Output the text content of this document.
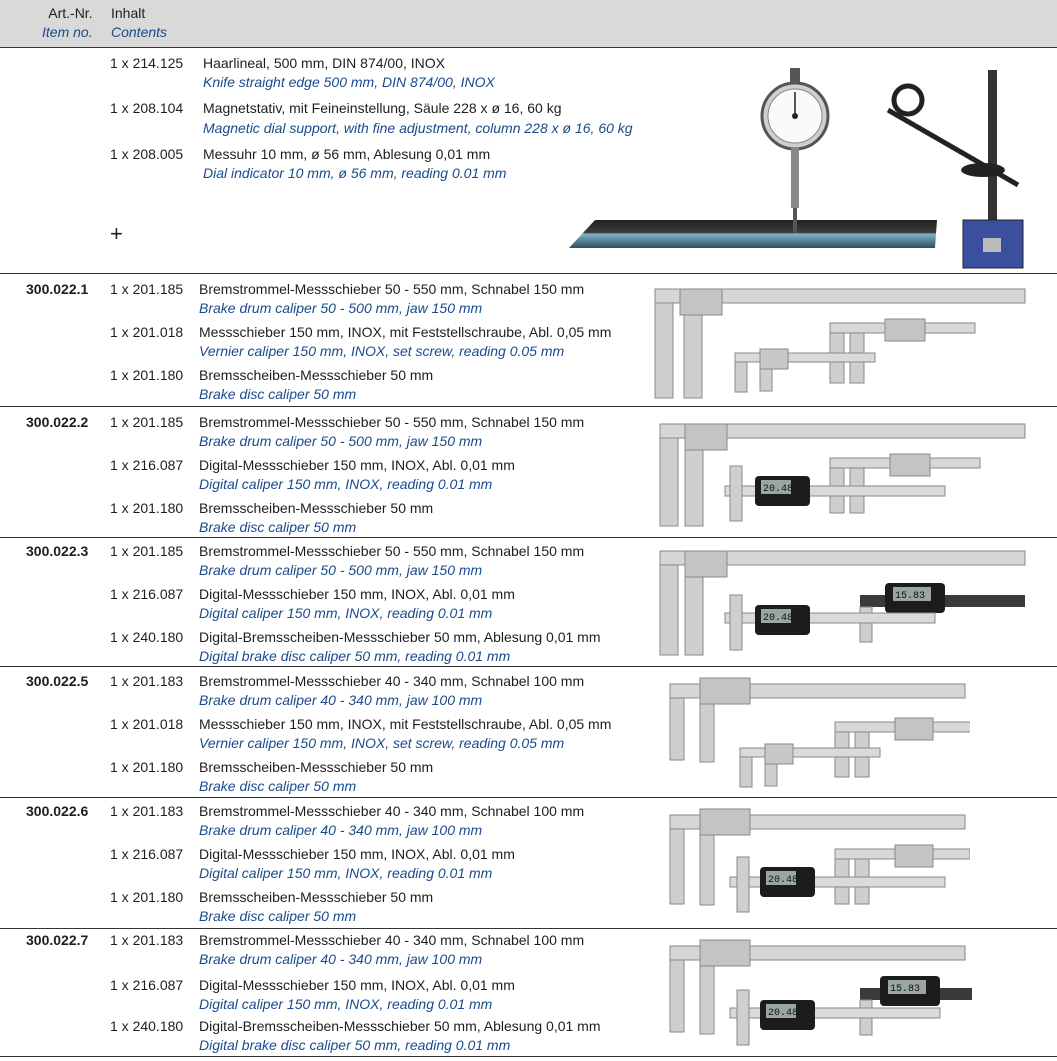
Art.-Nr.
Item no.
Inhalt
Contents
1 x 214.125 Haarlineal, 500 mm, DIN 874/00, INOX
Knife straight edge 500 mm, DIN 874/00, INOX
1 x 208.104 Magnetstativ, mit Feineinstellung, Säule 228 x ø 16, 60 kg
Magnetic dial support, with fine adjustment, column 228 x ø 16, 60 kg
1 x 208.005 Messuhr 10 mm, ø 56 mm, Ablesung 0,01 mm
Dial indicator 10 mm, ø 56 mm, reading 0.01 mm
+
300.022.1 1 x 201.185 Bremstrommel-Messschieber 50 - 550 mm, Schnabel 150 mm
Brake drum caliper 50 - 500 mm, jaw 150 mm
1 x 201.018 Messschieber 150 mm, INOX, mit Feststellschraube, Abl. 0,05 mm
Vernier caliper 150 mm, INOX, set screw, reading 0.05 mm
1 x 201.180 Bremsscheiben-Messschieber 50 mm
Brake disc caliper 50 mm
300.022.2 1 x 201.185 Bremstrommel-Messschieber 50 - 550 mm, Schnabel 150 mm
Brake drum caliper 50 - 500 mm, jaw 150 mm
1 x 216.087 Digital-Messschieber 150 mm, INOX, Abl. 0,01 mm
Digital caliper 150 mm, INOX, reading 0.01 mm
1 x 201.180 Bremsscheiben-Messschieber 50 mm
Brake disc caliper 50 mm
20.48
300.022.3 1 x 201.185 Bremstrommel-Messschieber 50 - 550 mm, Schnabel 150 mm
Brake drum caliper 50 - 500 mm, jaw 150 mm
1 x 216.087 Digital-Messschieber 150 mm, INOX, Abl. 0,01 mm
Digital caliper 150 mm, INOX, reading 0.01 mm
1 x 240.180 Digital-Bremsscheiben-Messschieber 50 mm, Ablesung 0,01 mm
Digital brake disc caliper 50 mm, reading 0.01 mm
15.83
20.48
300.022.5 1 x 201.183 Bremstrommel-Messschieber 40 - 340 mm, Schnabel 100 mm
Brake drum caliper 40 - 340 mm, jaw 100 mm
1 x 201.018 Messschieber 150 mm, INOX, mit Feststellschraube, Abl. 0,05 mm
Vernier caliper 150 mm, INOX, set screw, reading 0.05 mm
1 x 201.180 Bremsscheiben-Messschieber 50 mm
Brake disc caliper 50 mm
300.022.6 1 x 201.183 Bremstrommel-Messschieber 40 - 340 mm, Schnabel 100 mm
Brake drum caliper 40 - 340 mm, jaw 100 mm
1 x 216.087 Digital-Messschieber 150 mm, INOX, Abl. 0,01 mm
Digital caliper 150 mm, INOX, reading 0.01 mm
1 x 201.180 Bremsscheiben-Messschieber 50 mm
Brake disc caliper 50 mm
20.48
300.022.7 1 x 201.183 Bremstrommel-Messschieber 40 - 340 mm, Schnabel 100 mm
Brake drum caliper 40 - 340 mm, jaw 100 mm
1 x 216.087 Digital-Messschieber 150 mm, INOX, Abl. 0,01 mm
Digital caliper 150 mm, INOX, reading 0.01 mm
1 x 240.180 Digital-Bremsscheiben-Messschieber 50 mm, Ablesung 0,01 mm
Digital brake disc caliper 50 mm, reading 0.01 mm
15.83
20.48
